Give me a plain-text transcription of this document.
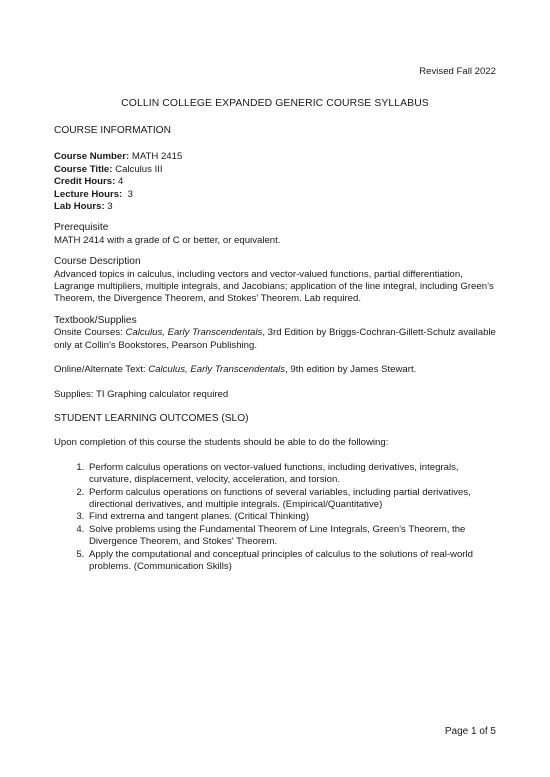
Revised Fall 2022
COLLIN COLLEGE EXPANDED GENERIC COURSE SYLLABUS

COURSE INFORMATION

Course Number: MATH 2415

Course Title: Calculus III

Credit Hours: 4

Lecture Hours:  3

Lab Hours: 3

Prerequisite

MATH 2414 with a grade of C or better, or equivalent.

Course Description

Advanced topics in calculus, including vectors and vector-valued functions, partial differentiation, Lagrange multipliers, multiple integrals, and Jacobians; application of the line integral, including Green’s Theorem, the Divergence Theorem, and Stokes’ Theorem. Lab required.

Textbook/Supplies

Onsite Courses: Calculus, Early Transcendentals, 3rd Edition by Briggs-Cochran-Gillett-Schulz available only at Collin’s Bookstores, Pearson Publishing.

Online/Alternate Text: Calculus, Early Transcendentals, 9th edition by James Stewart.

Supplies: TI Graphing calculator required

STUDENT LEARNING OUTCOMES (SLO)

Upon completion of this course the students should be able to do the following:

1. Perform calculus operations on vector-valued functions, including derivatives, integrals, curvature, displacement, velocity, acceleration, and torsion.
2. Perform calculus operations on functions of several variables, including partial derivatives, directional derivatives, and multiple integrals. (Empirical/Quantitative)
3. Find extrema and tangent planes. (Critical Thinking)
4. Solve problems using the Fundamental Theorem of Line Integrals, Green's Theorem, the Divergence Theorem, and Stokes' Theorem.
5. Apply the computational and conceptual principles of calculus to the solutions of real-world problems. (Communication Skills)
Page 1 of 5
